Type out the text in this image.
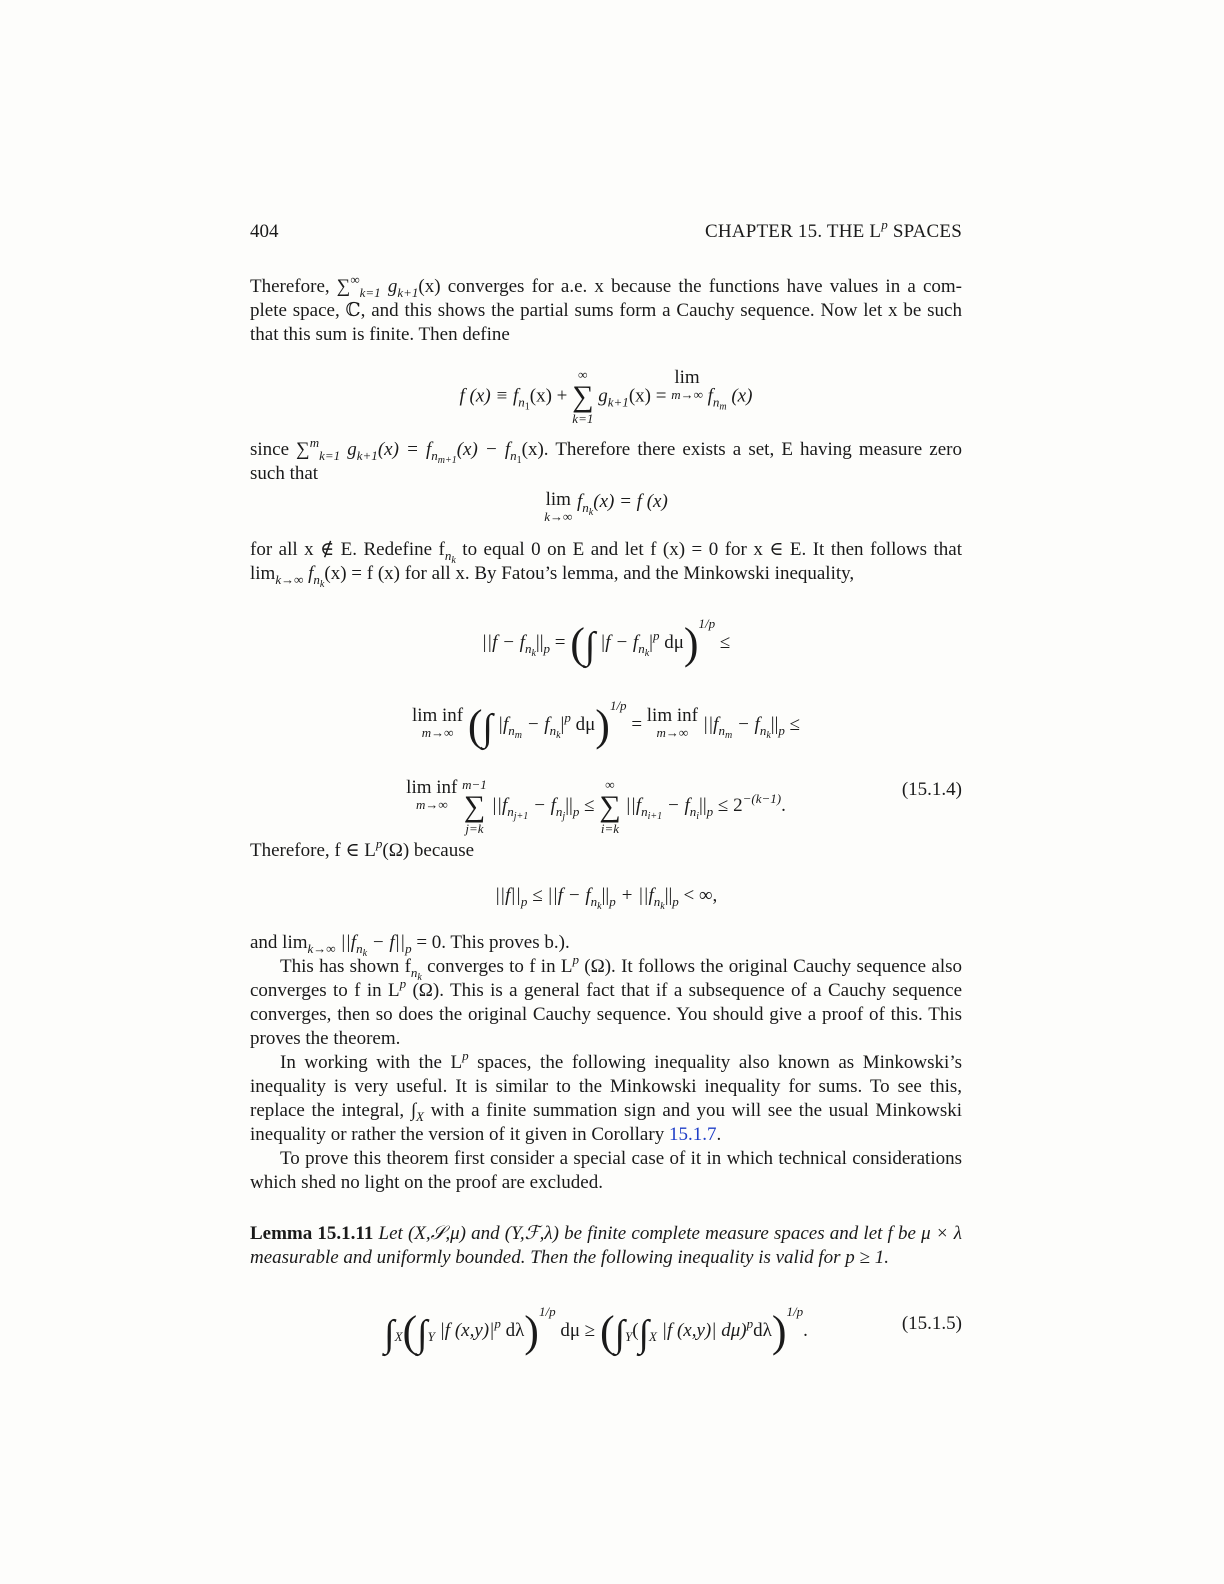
404	CHAPTER 15. THE $L^p$ SPACES

Therefore, $\sum^\infty_{k=1}$ $g_{k+1}(x)$ converges for a.e. x because the functions have values in a com-plete space, ℂ, and this shows the partial sums form a Cauchy sequence. Now let x be such that this sum is finite. Then define

f $(x) \equiv f_{n1}(x)$ +
∞
∑
k=1
$g_{k+1}(x) = \lim$
m→∞ $f_{nm}$ (x)

since ∑$^m_{k=1}$ $g_{k+1}(x) = f_{nm+1}(x) - f_{n1}(x)$. Therefore there exists a set, E having measure zero such that

lim
k→∞
$f_{nk}(x) = f$ (x)

for all x ∉ E. Redefine $f_{nk}$ to equal 0 on E and let f (x) = 0 for x ∈ E. It then follows that $\lim_{k\to\infty} f_{nk}(x) = f$ (x) for all x. By Fatou’s lemma, and the Minkowski inequality,

$||f - f_{nk}||_p$ = (∫ $|f - f_{nk}|^p$ dμ)$^{1/p}$ ≤
lim inf
m→∞ (∫ $|f_{nm} - f_{nk}|^p$ dμ)$^{1/p}$ = lim inf
m→∞ $||f_{nm} - f_{nk}||_p$ ≤
lim inf
m→∞

m−1
∑
j=k
$||f_{nj+1} - f_{nj}||_p$ ≤
∞
∑
i=k
$||f_{ni+1} - f_{ni}||_p \le 2^{-(k-1)}$.
(15.1.4)

Therefore, f ∈ $L^p(\Omega)$ because

$||f||_p \le ||f - f_{nk}||_p + ||f_{nk}||_p$ < ∞,

and $\lim_{k\to\infty} ||f_{nk} - f||_p = 0$. This proves b.).

This has shown $f_{nk}$ converges to f in $L^p$ (Ω). It follows the original Cauchy sequence also converges to f in $L^p$ (Ω). This is a general fact that if a subsequence of a Cauchy sequence converges, then so does the original Cauchy sequence. You should give a proof of this. This proves the theorem.

In working with the $L^p$ spaces, the following inequality also known as Minkowski’s inequality is very useful. It is similar to the Minkowski inequality for sums. To see this, replace the integral, $\int_X$ with a finite summation sign and you will see the usual Minkowski inequality or rather the version of it given in Corollary 15.1.7.

To prove this theorem first consider a special case of it in which technical considerations which shed no light on the proof are excluded.

Lemma 15.1.11 Let (X,𝒮,μ) and (Y,ℱ,λ) be finite complete measure spaces and let f be μ × λ measurable and uniformly bounded. Then the following inequality is valid for p ≥ 1.

$\int_X(\int_Y$ |f $(x,y)|^p$ dλ)$^{1/p}$ $d\mu \ge (\int_Y(\int_X$ |f (x,y)| dμ)$^p$dλ)$^{1/p}$.	(15.1.5)
